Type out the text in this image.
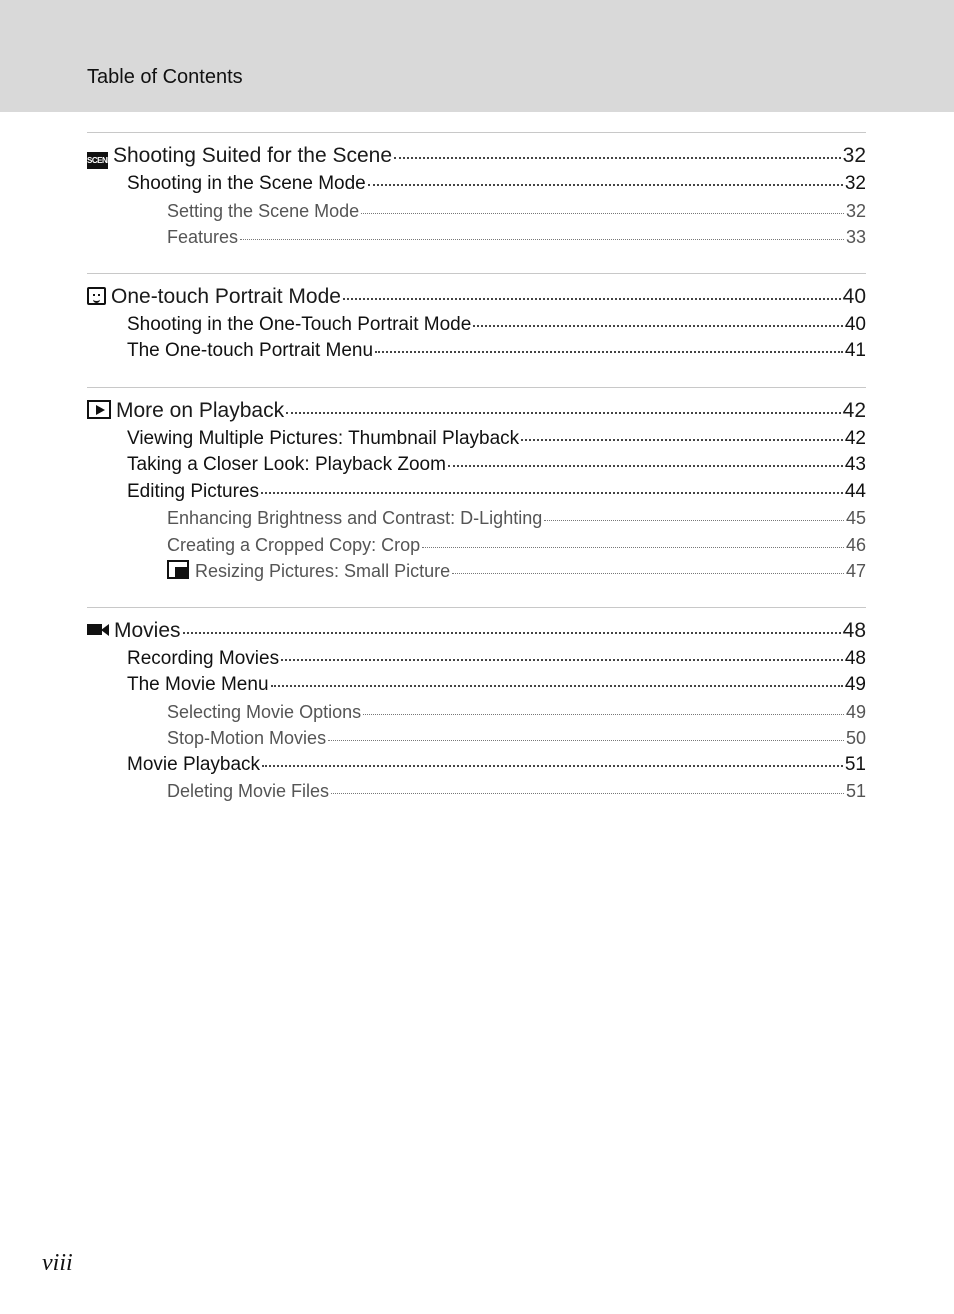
Table of Contents
SCENE Shooting Suited for the Scene	32
Shooting in the Scene Mode	32
Setting the Scene Mode	32
Features	33
One-touch Portrait Mode	40
Shooting in the One-Touch Portrait Mode	40
The One-touch Portrait Menu	41
More on Playback	42
Viewing Multiple Pictures: Thumbnail Playback	42
Taking a Closer Look: Playback Zoom	43
Editing Pictures	44
Enhancing Brightness and Contrast: D-Lighting	45
Creating a Cropped Copy: Crop	46
Resizing Pictures: Small Picture	47
Movies	48
Recording Movies	48
The Movie Menu	49
Selecting Movie Options	49
Stop-Motion Movies	50
Movie Playback	51
Deleting Movie Files	51
viii
